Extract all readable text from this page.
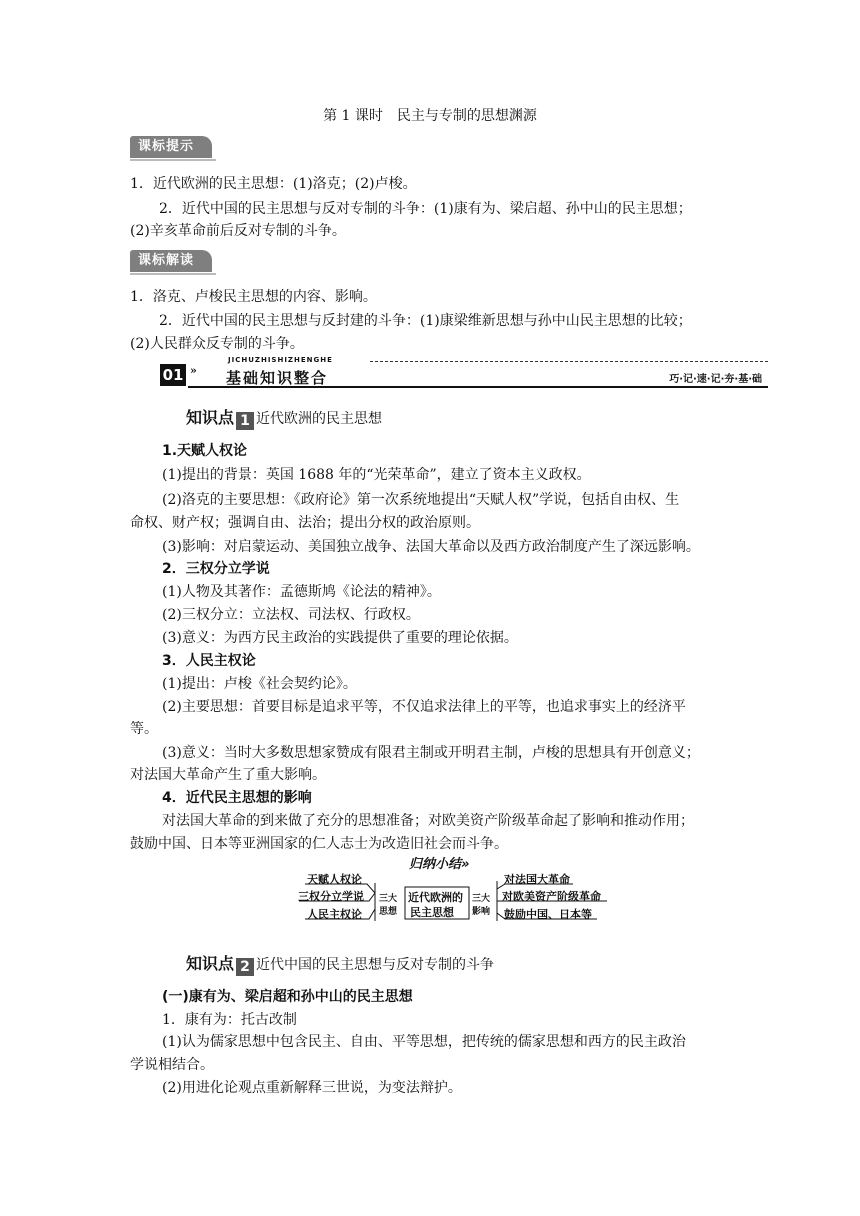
第 1 课时　民主与专制的思想渊源
课标提示
1．近代欧洲的民主思想：(1)洛克；(2)卢梭。
2．近代中国的民主思想与反对专制的斗争：(1)康有为、梁启超、孙中山的民主思想；
(2)辛亥革命前后反对专制的斗争。
课标解读
1．洛克、卢梭民主思想的内容、影响。
2．近代中国的民主思想与反封建的斗争：(1)康梁维新思想与孙中山民主思想的比较；
(2)人民群众反专制的斗争。
JICHUZHISHIZHENGHE
01 » 基础知识整合	巧·记·速·记·夯·基·础
知识点 1 近代欧洲的民主思想
1.天赋人权论
(1)提出的背景：英国 1688 年的“光荣革命”，建立了资本主义政权。
(2)洛克的主要思想：《政府论》第一次系统地提出“天赋人权”学说，包括自由权、生
命权、财产权；强调自由、法治；提出分权的政治原则。
(3)影响：对启蒙运动、美国独立战争、法国大革命以及西方政治制度产生了深远影响。
2．三权分立学说
(1)人物及其著作：孟德斯鸠《论法的精神》。
(2)三权分立：立法权、司法权、行政权。
(3)意义：为西方民主政治的实践提供了重要的理论依据。
3．人民主权论
(1)提出：卢梭《社会契约论》。
(2)主要思想：首要目标是追求平等，不仅追求法律上的平等，也追求事实上的经济平
等。
(3)意义：当时大多数思想家赞成有限君主制或开明君主制，卢梭的思想具有开创意义；
对法国大革命产生了重大影响。
4．近代民主思想的影响
对法国大革命的到来做了充分的思想准备；对欧美资产阶级革命起了影响和推动作用；
鼓励中国、日本等亚洲国家的仁人志士为改造旧社会而斗争。
归纳小结»
天赋人权论
三权分立学说
人民主权论
三大
思想
近代欧洲的
民主思想
三大
影响
对法国大革命
对欧美资产阶级革命
鼓励中国、日本等
知识点 2 近代中国的民主思想与反对专制的斗争
(一)康有为、梁启超和孙中山的民主思想
1．康有为：托古改制
(1)认为儒家思想中包含民主、自由、平等思想，把传统的儒家思想和西方的民主政治
学说相结合。
(2)用进化论观点重新解释三世说，为变法辩护。
